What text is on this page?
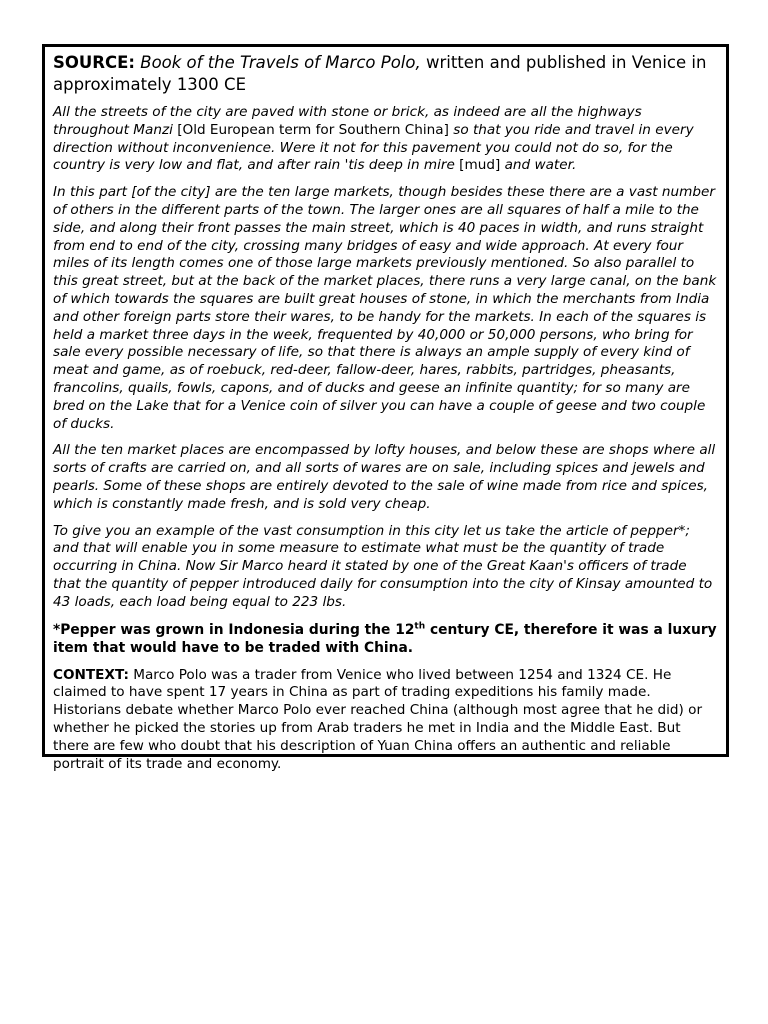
SOURCE: Book of the Travels of Marco Polo, written and published in Venice in approximately 1300 CE

All the streets of the city are paved with stone or brick, as indeed are all the highways throughout Manzi [Old European term for Southern China] so that you ride and travel in every direction without inconvenience. Were it not for this pavement you could not do so, for the country is very low and flat, and after rain 'tis deep in mire [mud] and water.

In this part [of the city] are the ten large markets, though besides these there are a vast number of others in the different parts of the town. The larger ones are all squares of half a mile to the side, and along their front passes the main street, which is 40 paces in width, and runs straight from end to end of the city, crossing many bridges of easy and wide approach. At every four miles of its length comes one of those large markets previously mentioned. So also parallel to this great street, but at the back of the market places, there runs a very large canal, on the bank of which towards the squares are built great houses of stone, in which the merchants from India and other foreign parts store their wares, to be handy for the markets. In each of the squares is held a market three days in the week, frequented by 40,000 or 50,000 persons, who bring for sale every possible necessary of life, so that there is always an ample supply of every kind of meat and game, as of roebuck, red-deer, fallow-deer, hares, rabbits, partridges, pheasants, francolins, quails, fowls, capons, and of ducks and geese an infinite quantity; for so many are bred on the Lake that for a Venice coin of silver you can have a couple of geese and two couple of ducks.

All the ten market places are encompassed by lofty houses, and below these are shops where all sorts of crafts are carried on, and all sorts of wares are on sale, including spices and jewels and pearls. Some of these shops are entirely devoted to the sale of wine made from rice and spices, which is constantly made fresh, and is sold very cheap.

To give you an example of the vast consumption in this city let us take the article of pepper*; and that will enable you in some measure to estimate what must be the quantity of trade occurring in China. Now Sir Marco heard it stated by one of the Great Kaan's officers of trade that the quantity of pepper introduced daily for consumption into the city of Kinsay amounted to 43 loads, each load being equal to 223 lbs.

*Pepper was grown in Indonesia during the 12th century CE, therefore it was a luxury item that would have to be traded with China.

CONTEXT: Marco Polo was a trader from Venice who lived between 1254 and 1324 CE. He claimed to have spent 17 years in China as part of trading expeditions his family made. Historians debate whether Marco Polo ever reached China (although most agree that he did) or whether he picked the stories up from Arab traders he met in India and the Middle East. But there are few who doubt that his description of Yuan China offers an authentic and reliable portrait of its trade and economy.
